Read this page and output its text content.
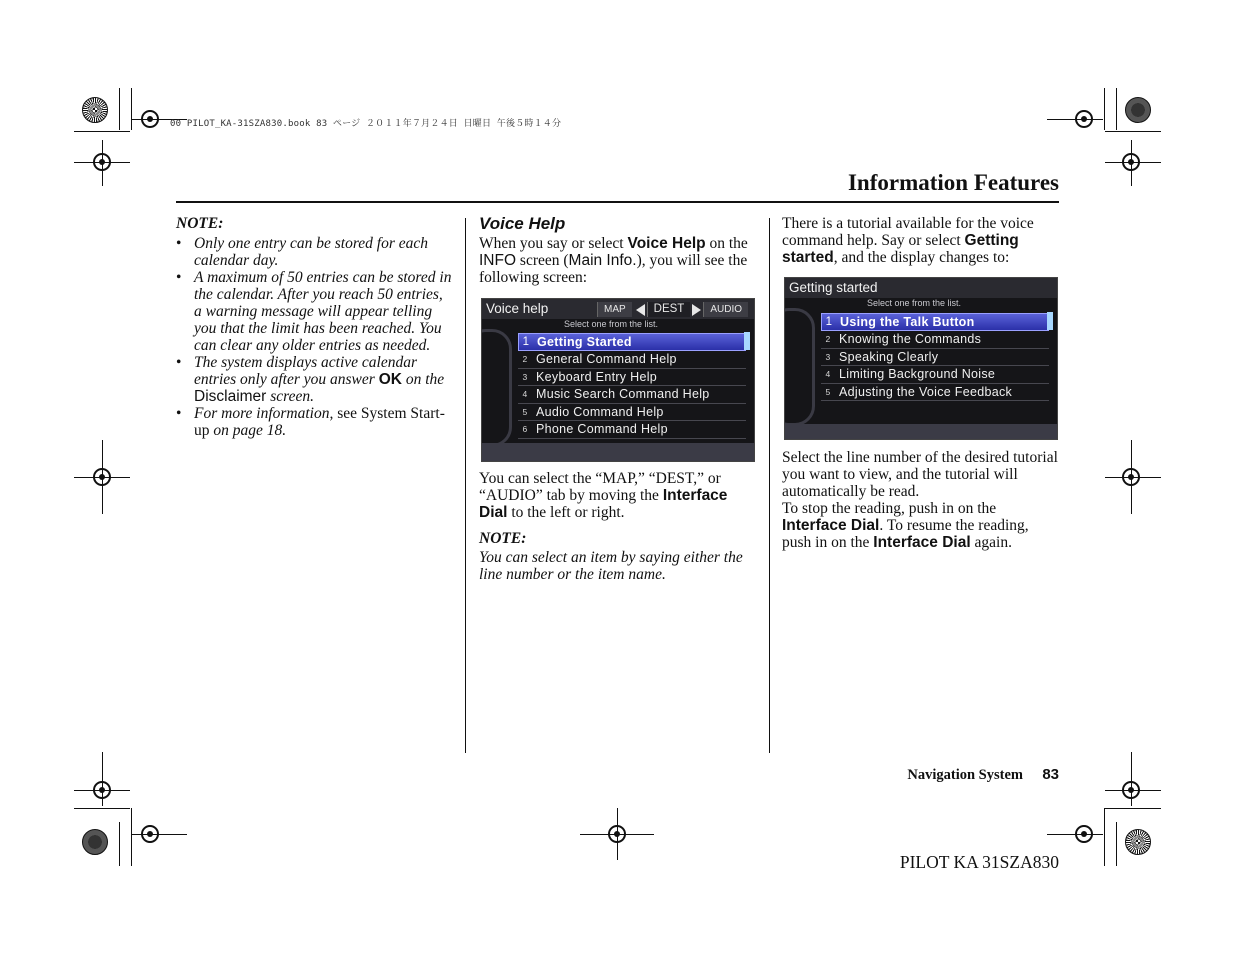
00 PILOT_KA-31SZA830.book 83 ページ ２０１１年７月２４日 日曜日 午後５時１４分
Information Features

NOTE:

• Only one entry can be stored for each calendar day.
• A maximum of 50 entries can be stored in the calendar. After you reach 50 entries, a warning message will appear telling you that the limit has been reached. You can clear any older entries as needed.
• The system displays active calendar entries only after you answer OK on the Disclaimer screen.
• For more information, see System Start-up on page 18.

Voice Help

When you say or select Voice Help on the INFO screen (Main Info.), you will see the following screen:

Voice help	MAP	DEST	AUDIO
Select one from the list.
1 Getting Started
2 General Command Help
3 Keyboard Entry Help
4 Music Search Command Help
5 Audio Command Help
6 Phone Command Help

You can select the “MAP,” “DEST,” or “AUDIO” tab by moving the Interface Dial to the left or right.

NOTE:

You can select an item by saying either the line number or the item name.

There is a tutorial available for the voice command help. Say or select Getting started, and the display changes to:

Getting started
Select one from the list.
1 Using the Talk Button
2 Knowing the Commands
3 Speaking Clearly
4 Limiting Background Noise
5 Adjusting the Voice Feedback

Select the line number of the desired tutorial you want to view, and the tutorial will automatically be read.

To stop the reading, push in on the Interface Dial. To resume the reading, push in on the Interface Dial again.

Navigation System 83
PILOT KA 31SZA830
